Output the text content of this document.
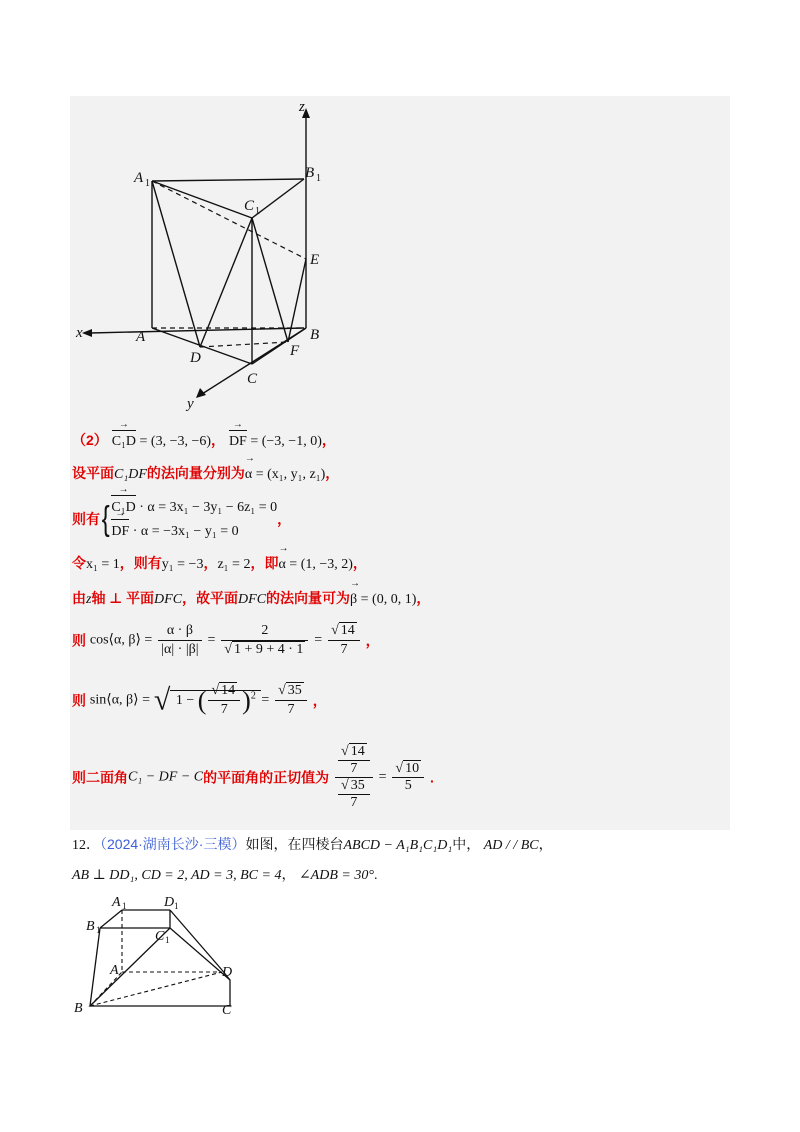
z
x
y
A 1
B 1
C 1
A	B
C
D
E
F
（2） → C₁D = (3, −3, −6)， → DF = (−3, −1, 0)，
设平面C₁DF的法向量分别为→ α = (x₁, y₁, z₁)，
则有{ → C₁D · α = 3x₁ − 3y₁ − 6z₁ = 0
→ DF · α = −3x₁ − y₁ = 0
，
令x₁ = 1，则有y₁ = −3，z₁ = 2，即→ α = (1, −3, 2)，
由z轴 ⊥ 平面DFC，故平面DFC的法向量可为→ β = (0, 0, 1)，
则 cos⟨α, β⟩ = $\frac{\alpha \cdot \beta}{|\alpha| \cdot |\beta|} = \frac{2}{√ 1 + 9 + 4 \cdot 1} = \frac{√ 14}{7}$ ，
则 sin⟨α, β⟩ = √ 1 − ( $\frac{√ 14}{7} )^2 = \frac{√ 35}{7}$ ，
则二面角C₁ − DF − C的平面角的正切值为 $\frac{\frac{√ 14}{7}}{\frac{√ 35}{7}} = \frac{√ 10}{5}$ .
12．（2024·湖南长沙·三模）如图，在四棱台ABCD − A₁B₁C₁D₁中， AD / / BC，
AB ⊥ DD₁, CD = 2, AD = 3, BC = 4， ∠ADB = 30°.
A 1	D 1
B 1	C 1
A	D
B	C
